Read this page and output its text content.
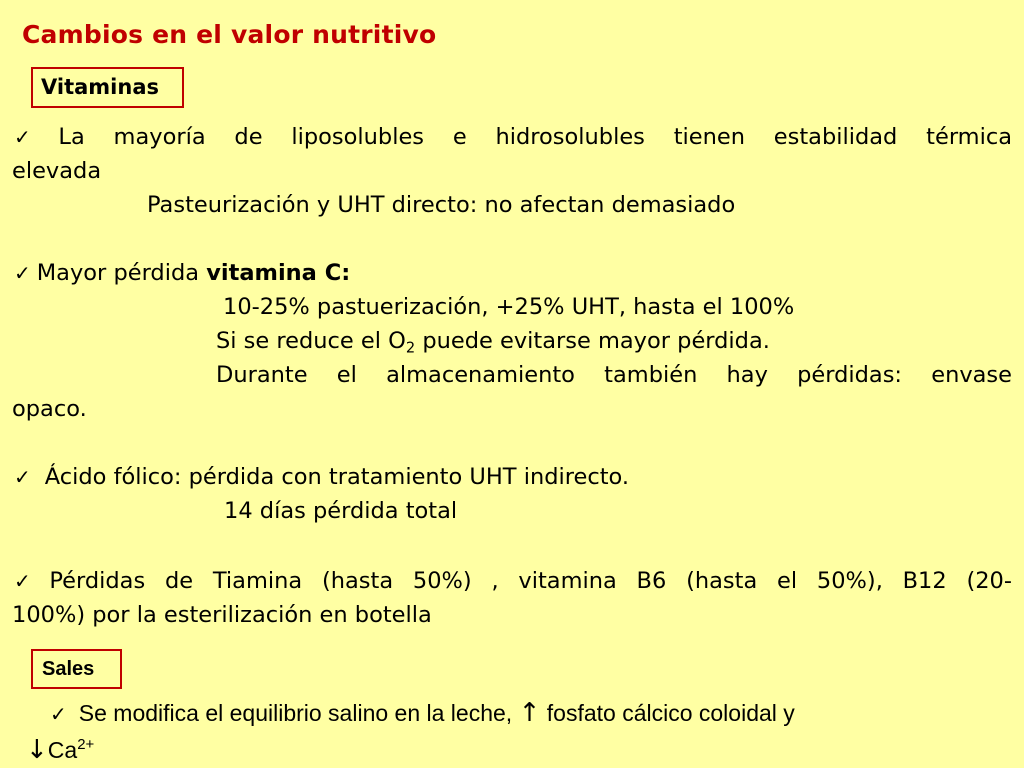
Cambios en el valor nutritivo
Vitaminas
✓ La mayoría de liposolubles e hidrosolubles tienen estabilidad térmica
elevada
Pasteurización y UHT directo: no afectan demasiado
✓ Mayor pérdida vitamina C:
10-25% pastuerización, +25% UHT, hasta el 100%
Si se reduce el $O_2$ puede evitarse mayor pérdida.
Durante el almacenamiento también hay pérdidas: envase
opaco.
✓ Ácido fólico: pérdida con tratamiento UHT indirecto.
14 días pérdida total
✓ Pérdidas de Tiamina (hasta 50%) , vitamina B6 (hasta el 50%), B12 (20-
100%) por la esterilización en botella
Sales
✓ Se modifica el equilibrio salino en la leche, ↑ fosfato cálcico coloidal y
$↓Ca^{2+}$
